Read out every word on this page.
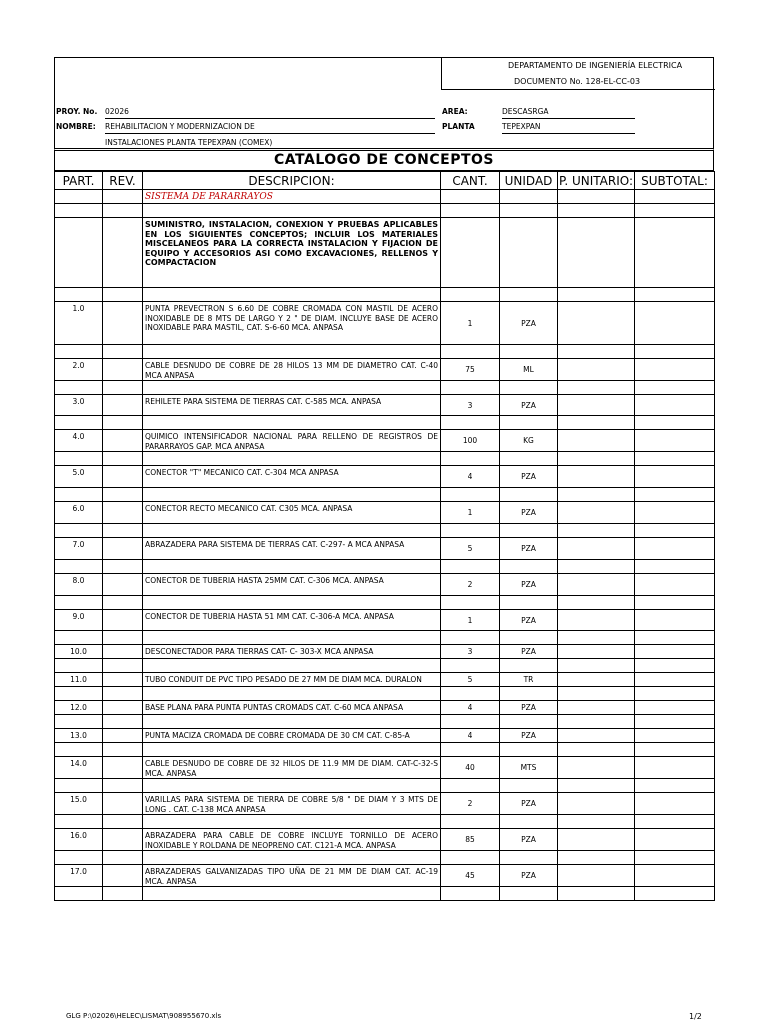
DEPARTAMENTO DE INGENIERÍA ELECTRICA
DOCUMENTO No. 128-EL-CC-03
PROY. No. 02026
NOMBRE: REHABILITACION Y MODERNIZACION DE
INSTALACIONES PLANTA TEPEXPAN (COMEX)
AREA:	DESCASRGA
PLANTA	TEPEXPAN
CATALOGO DE CONCEPTOS
PART.	REV.	DESCRIPCION:	CANT.	UNIDAD	P. UNITARIO:	SUBTOTAL:
		SISTEMA DE PARARRAYOS				

		SUMINISTRO, INSTALACION, CONEXION Y PRUEBAS APLICABLES EN LOS SIGUIENTES CONCEPTOS; INCLUIR LOS MATERIALES MISCELANEOS PARA LA CORRECTA INSTALACION Y FIJACION DE EQUIPO Y ACCESORIOS ASI COMO EXCAVACIONES, RELLENOS Y COMPACTACION				

1.0		PUNTA PREVECTRON S 6.60 DE COBRE CROMADA CON MASTIL DE ACERO INOXIDABLE DE 8 MTS DE LARGO Y 2 " DE DIAM. INCLUYE BASE DE ACERO INOXIDABLE PARA MASTIL, CAT. S-6-60 MCA. ANPASA	1	PZA		

2.0		CABLE DESNUDO DE COBRE DE 28 HILOS 13 MM DE DIAMETRO CAT. C-40 MCA ANPASA	75	ML		

3.0		REHILETE PARA SISTEMA DE TIERRAS CAT. C-585 MCA. ANPASA	3	PZA		

4.0		QUIMICO INTENSIFICADOR NACIONAL PARA RELLENO DE REGISTROS DE PARARRAYOS GAP. MCA ANPASA	100	KG		

5.0		CONECTOR "T" MECANICO CAT. C-304 MCA ANPASA	4	PZA		

6.0		CONECTOR RECTO MECANICO CAT. C305 MCA. ANPASA	1	PZA		

7.0		ABRAZADERA PARA SISTEMA DE TIERRAS CAT. C-297- A MCA ANPASA	5	PZA		

8.0		CONECTOR DE TUBERIA HASTA 25MM CAT. C-306 MCA. ANPASA	2	PZA		

9.0		CONECTOR DE TUBERIA HASTA 51 MM CAT. C-306-A MCA. ANPASA	1	PZA		

10.0		DESCONECTADOR PARA TIERRAS CAT- C- 303-X MCA ANPASA	3	PZA		

11.0		TUBO CONDUIT DE PVC TIPO PESADO DE 27 MM DE DIAM MCA. DURALON	5	TR		

12.0		BASE PLANA PARA PUNTA PUNTAS CROMADS CAT. C-60 MCA ANPASA	4	PZA		

13.0		PUNTA MACIZA CROMADA DE COBRE CROMADA DE 30 CM CAT. C-85-A	4	PZA		

14.0		CABLE DESNUDO DE COBRE DE 32 HILOS DE 11.9 MM DE DIAM. CAT-C-32-S MCA. ANPASA	40	MTS		

15.0		VARILLAS PARA SISTEMA DE TIERRA DE COBRE 5/8 " DE DIAM Y 3 MTS DE LONG . CAT. C-138 MCA ANPASA	2	PZA		

16.0		ABRAZADERA PARA CABLE DE COBRE INCLUYE TORNILLO DE ACERO INOXIDABLE Y ROLDANA DE NEOPRENO CAT. C121-A MCA. ANPASA	85	PZA		

17.0		ABRAZADERAS GALVANIZADAS TIPO UÑA DE 21 MM DE DIAM CAT. AC-19 MCA. ANPASA	45	PZA		

GLG P:\02026\HELEC\LISMAT\908955670.xls	1/2
